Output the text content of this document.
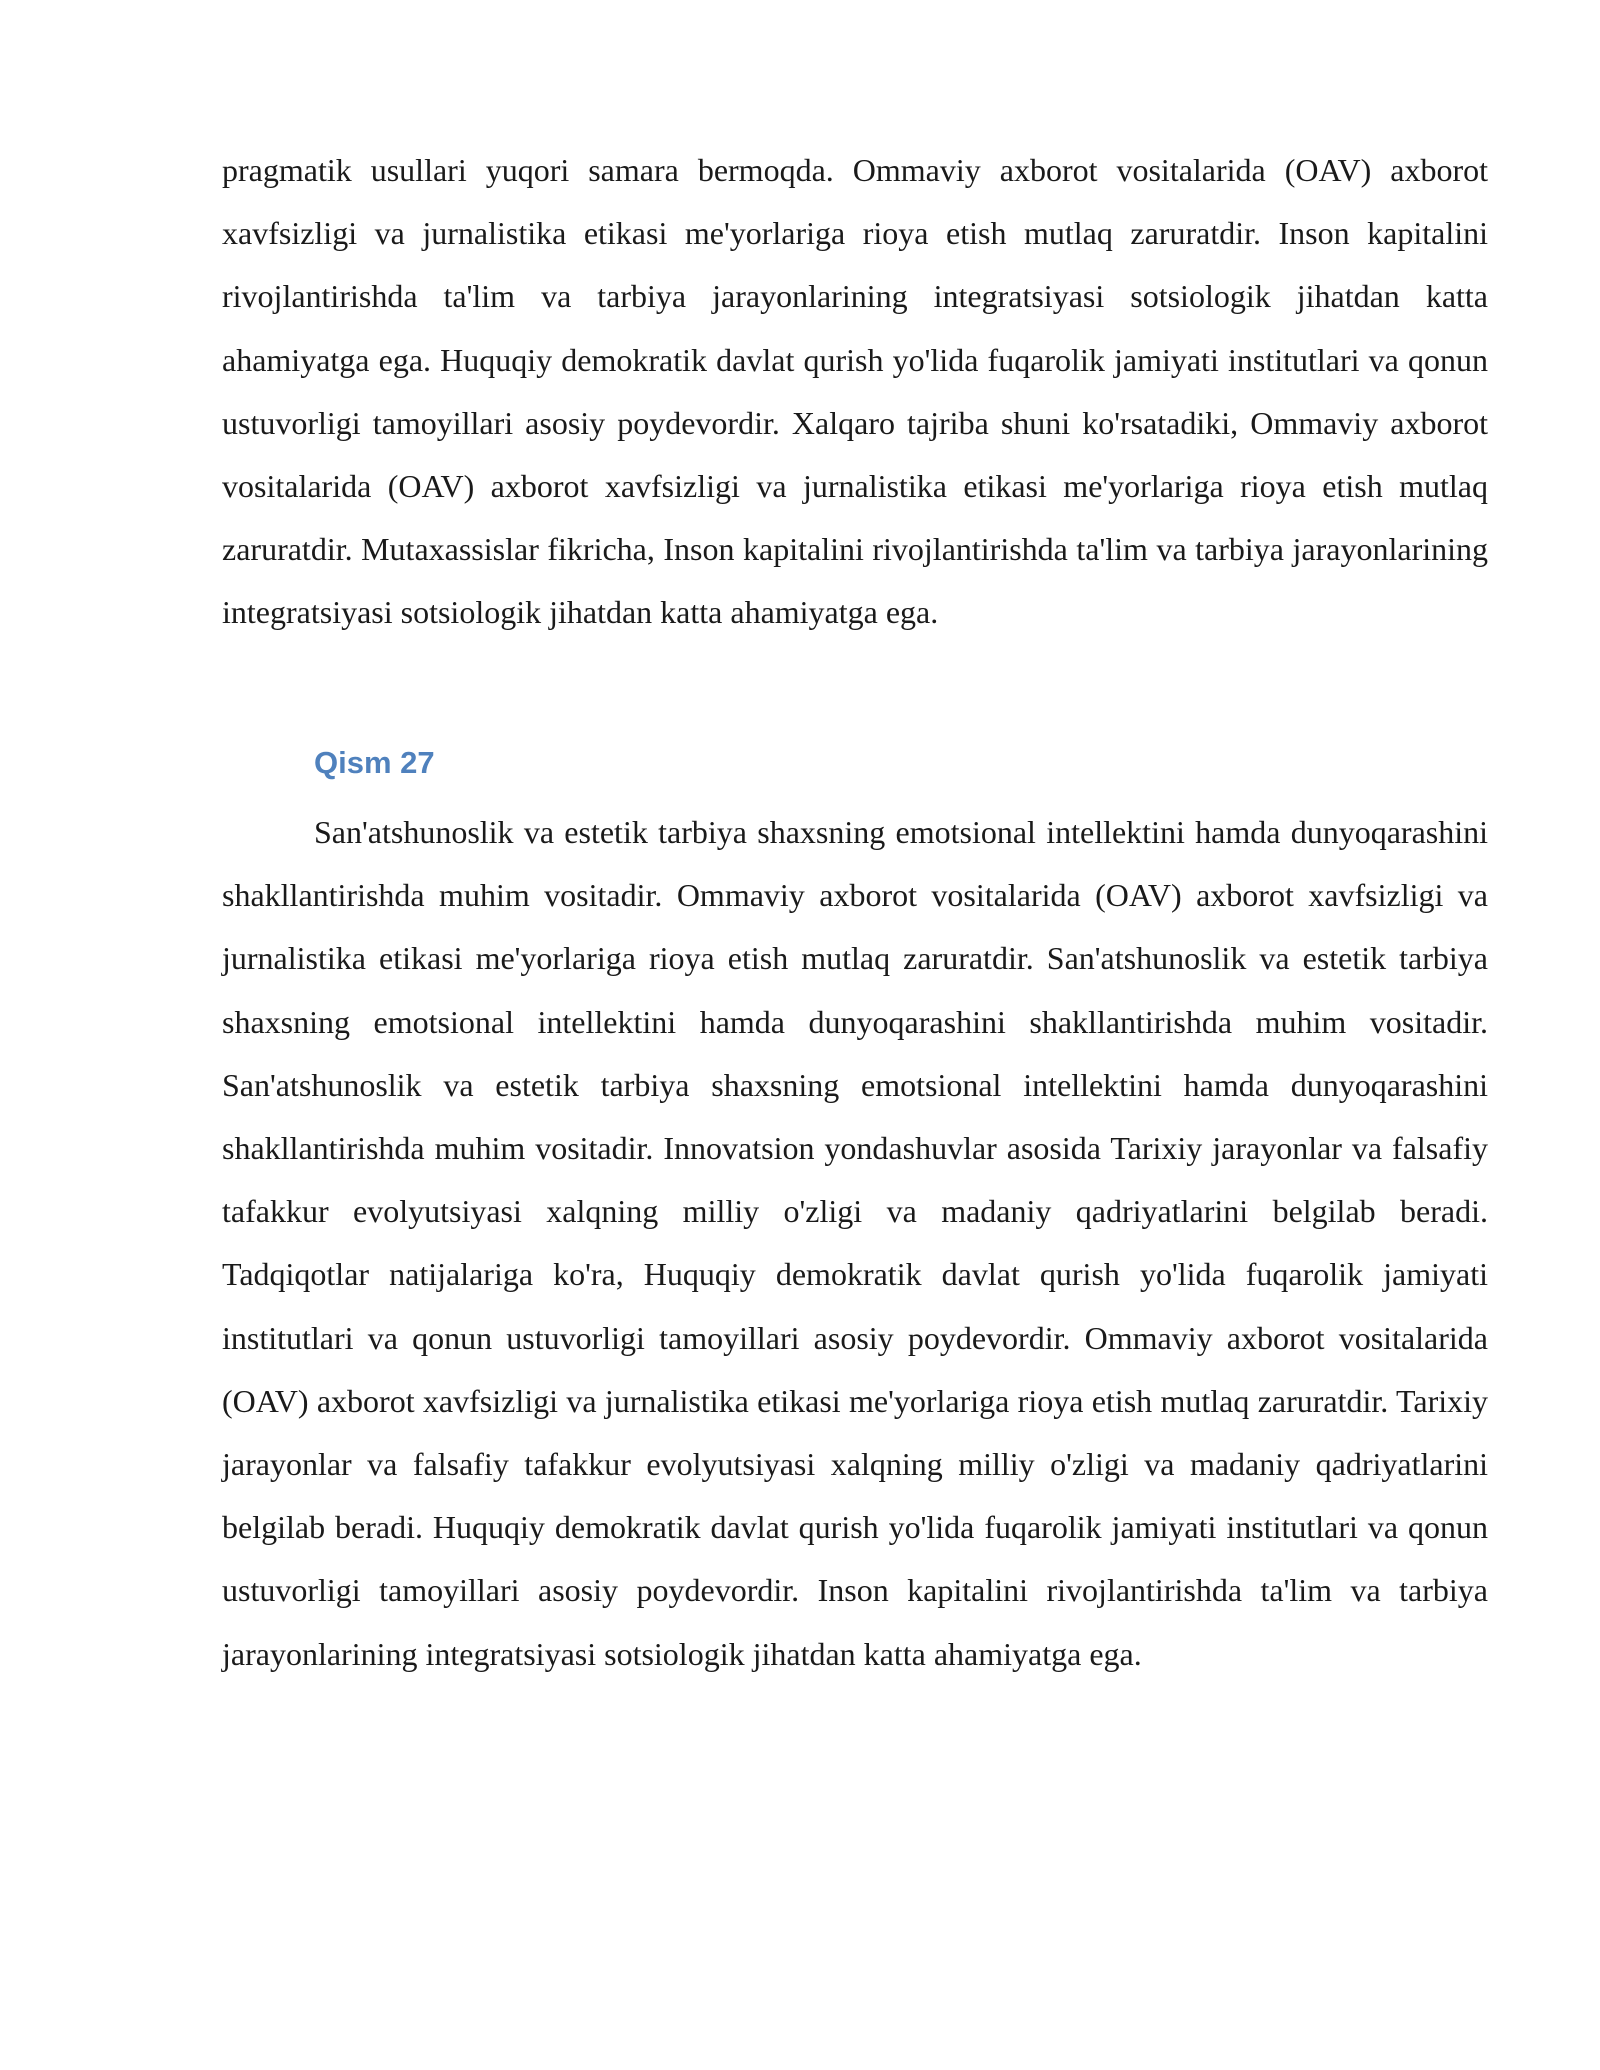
pragmatik usullari yuqori samara bermoqda. Ommaviy axborot vositalarida (OAV) axborot xavfsizligi va jurnalistika etikasi me'yorlariga rioya etish mutlaq zaruratdir. Inson kapitalini rivojlantirishda ta'lim va tarbiya jarayonlarining integratsiyasi sotsiologik jihatdan katta ahamiyatga ega. Huquqiy demokratik davlat qurish yo'lida fuqarolik jamiyati institutlari va qonun ustuvorligi tamoyillari asosiy poydevordir. Xalqaro tajriba shuni ko'rsatadiki, Ommaviy axborot vositalarida (OAV) axborot xavfsizligi va jurnalistika etikasi me'yorlariga rioya etish mutlaq zaruratdir. Mutaxassislar fikricha, Inson kapitalini rivojlantirishda ta'lim va tarbiya jarayonlarining integratsiyasi sotsiologik jihatdan katta ahamiyatga ega.

Qism 27

San'atshunoslik va estetik tarbiya shaxsning emotsional intellektini hamda dunyoqarashini shakllantirishda muhim vositadir. Ommaviy axborot vositalarida (OAV) axborot xavfsizligi va jurnalistika etikasi me'yorlariga rioya etish mutlaq zaruratdir. San'atshunoslik va estetik tarbiya shaxsning emotsional intellektini hamda dunyoqarashini shakllantirishda muhim vositadir. San'atshunoslik va estetik tarbiya shaxsning emotsional intellektini hamda dunyoqarashini shakllantirishda muhim vositadir. Innovatsion yondashuvlar asosida Tarixiy jarayonlar va falsafiy tafakkur evolyutsiyasi xalqning milliy o'zligi va madaniy qadriyatlarini belgilab beradi. Tadqiqotlar natijalariga ko'ra, Huquqiy demokratik davlat qurish yo'lida fuqarolik jamiyati institutlari va qonun ustuvorligi tamoyillari asosiy poydevordir. Ommaviy axborot vositalarida (OAV) axborot xavfsizligi va jurnalistika etikasi me'yorlariga rioya etish mutlaq zaruratdir. Tarixiy jarayonlar va falsafiy tafakkur evolyutsiyasi xalqning milliy o'zligi va madaniy qadriyatlarini belgilab beradi. Huquqiy demokratik davlat qurish yo'lida fuqarolik jamiyati institutlari va qonun ustuvorligi tamoyillari asosiy poydevordir. Inson kapitalini rivojlantirishda ta'lim va tarbiya jarayonlarining integratsiyasi sotsiologik jihatdan katta ahamiyatga ega.
